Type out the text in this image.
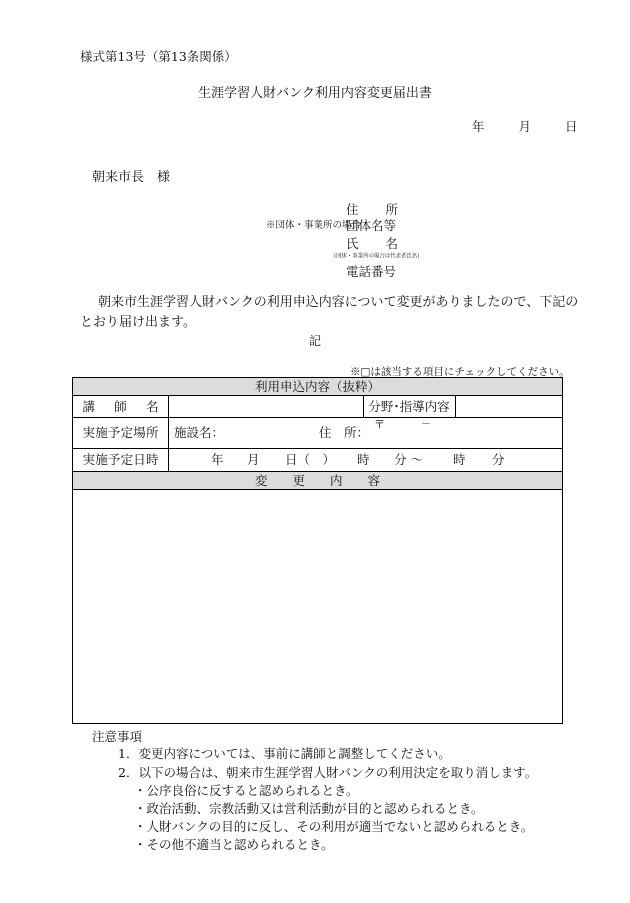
様式第13号（第13条関係）
生涯学習人財バンク利用内容変更届出書
年	月	日
朝来市長　様
住　所
※団体・事業所の場合
団体名等
氏　名
(団体・事業所の場合は代表者氏名)
電話番号
朝来市生涯学習人財バンクの利用申込内容について変更がありましたので、下記のとおり届け出ます。
記
※□は該当する項目にチェックしてください。
利用申込内容（抜粋）
講　師　名	分野･指導内容
実施予定場所	施設名：	住　所：
〒	－
実施予定日時	年 月 日（　） 時 分 〜 時 分
変　　更　　内　　容
注意事項
1．変更内容については、事前に講師と調整してください。
2．以下の場合は、朝来市生涯学習人財バンクの利用決定を取り消します。
・公序良俗に反すると認められるとき。
・政治活動、宗教活動又は営利活動が目的と認められるとき。
・人財バンクの目的に反し、その利用が適当でないと認められるとき。
・その他不適当と認められるとき。
